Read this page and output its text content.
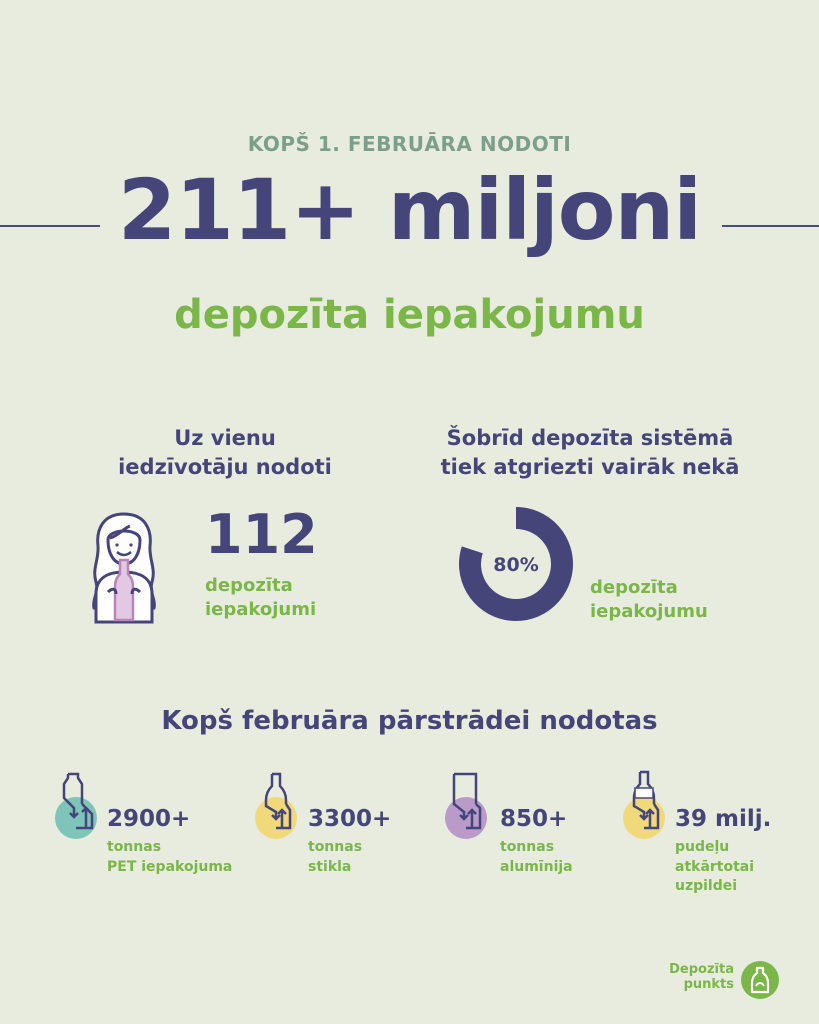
KOPŠ 1. FEBRUĀRA NODOTI
211+ miljoni
depozīta iepakojumu
Uz vienu
iedzīvotāju nodoti
112
depozīta
iepakojumi
Šobrīd depozīta sistēmā
tiek atgriezti vairāk nekā
80%
depozīta
iepakojumu
Kopš februāra pārstrādei nodotas
2900+
tonnas
PET iepakojuma
3300+
tonnas
stikla
850+
tonnas
alumīnija
39 milj.
pudeļu
atkārtotai
uzpildei
Depozīta
punkts
